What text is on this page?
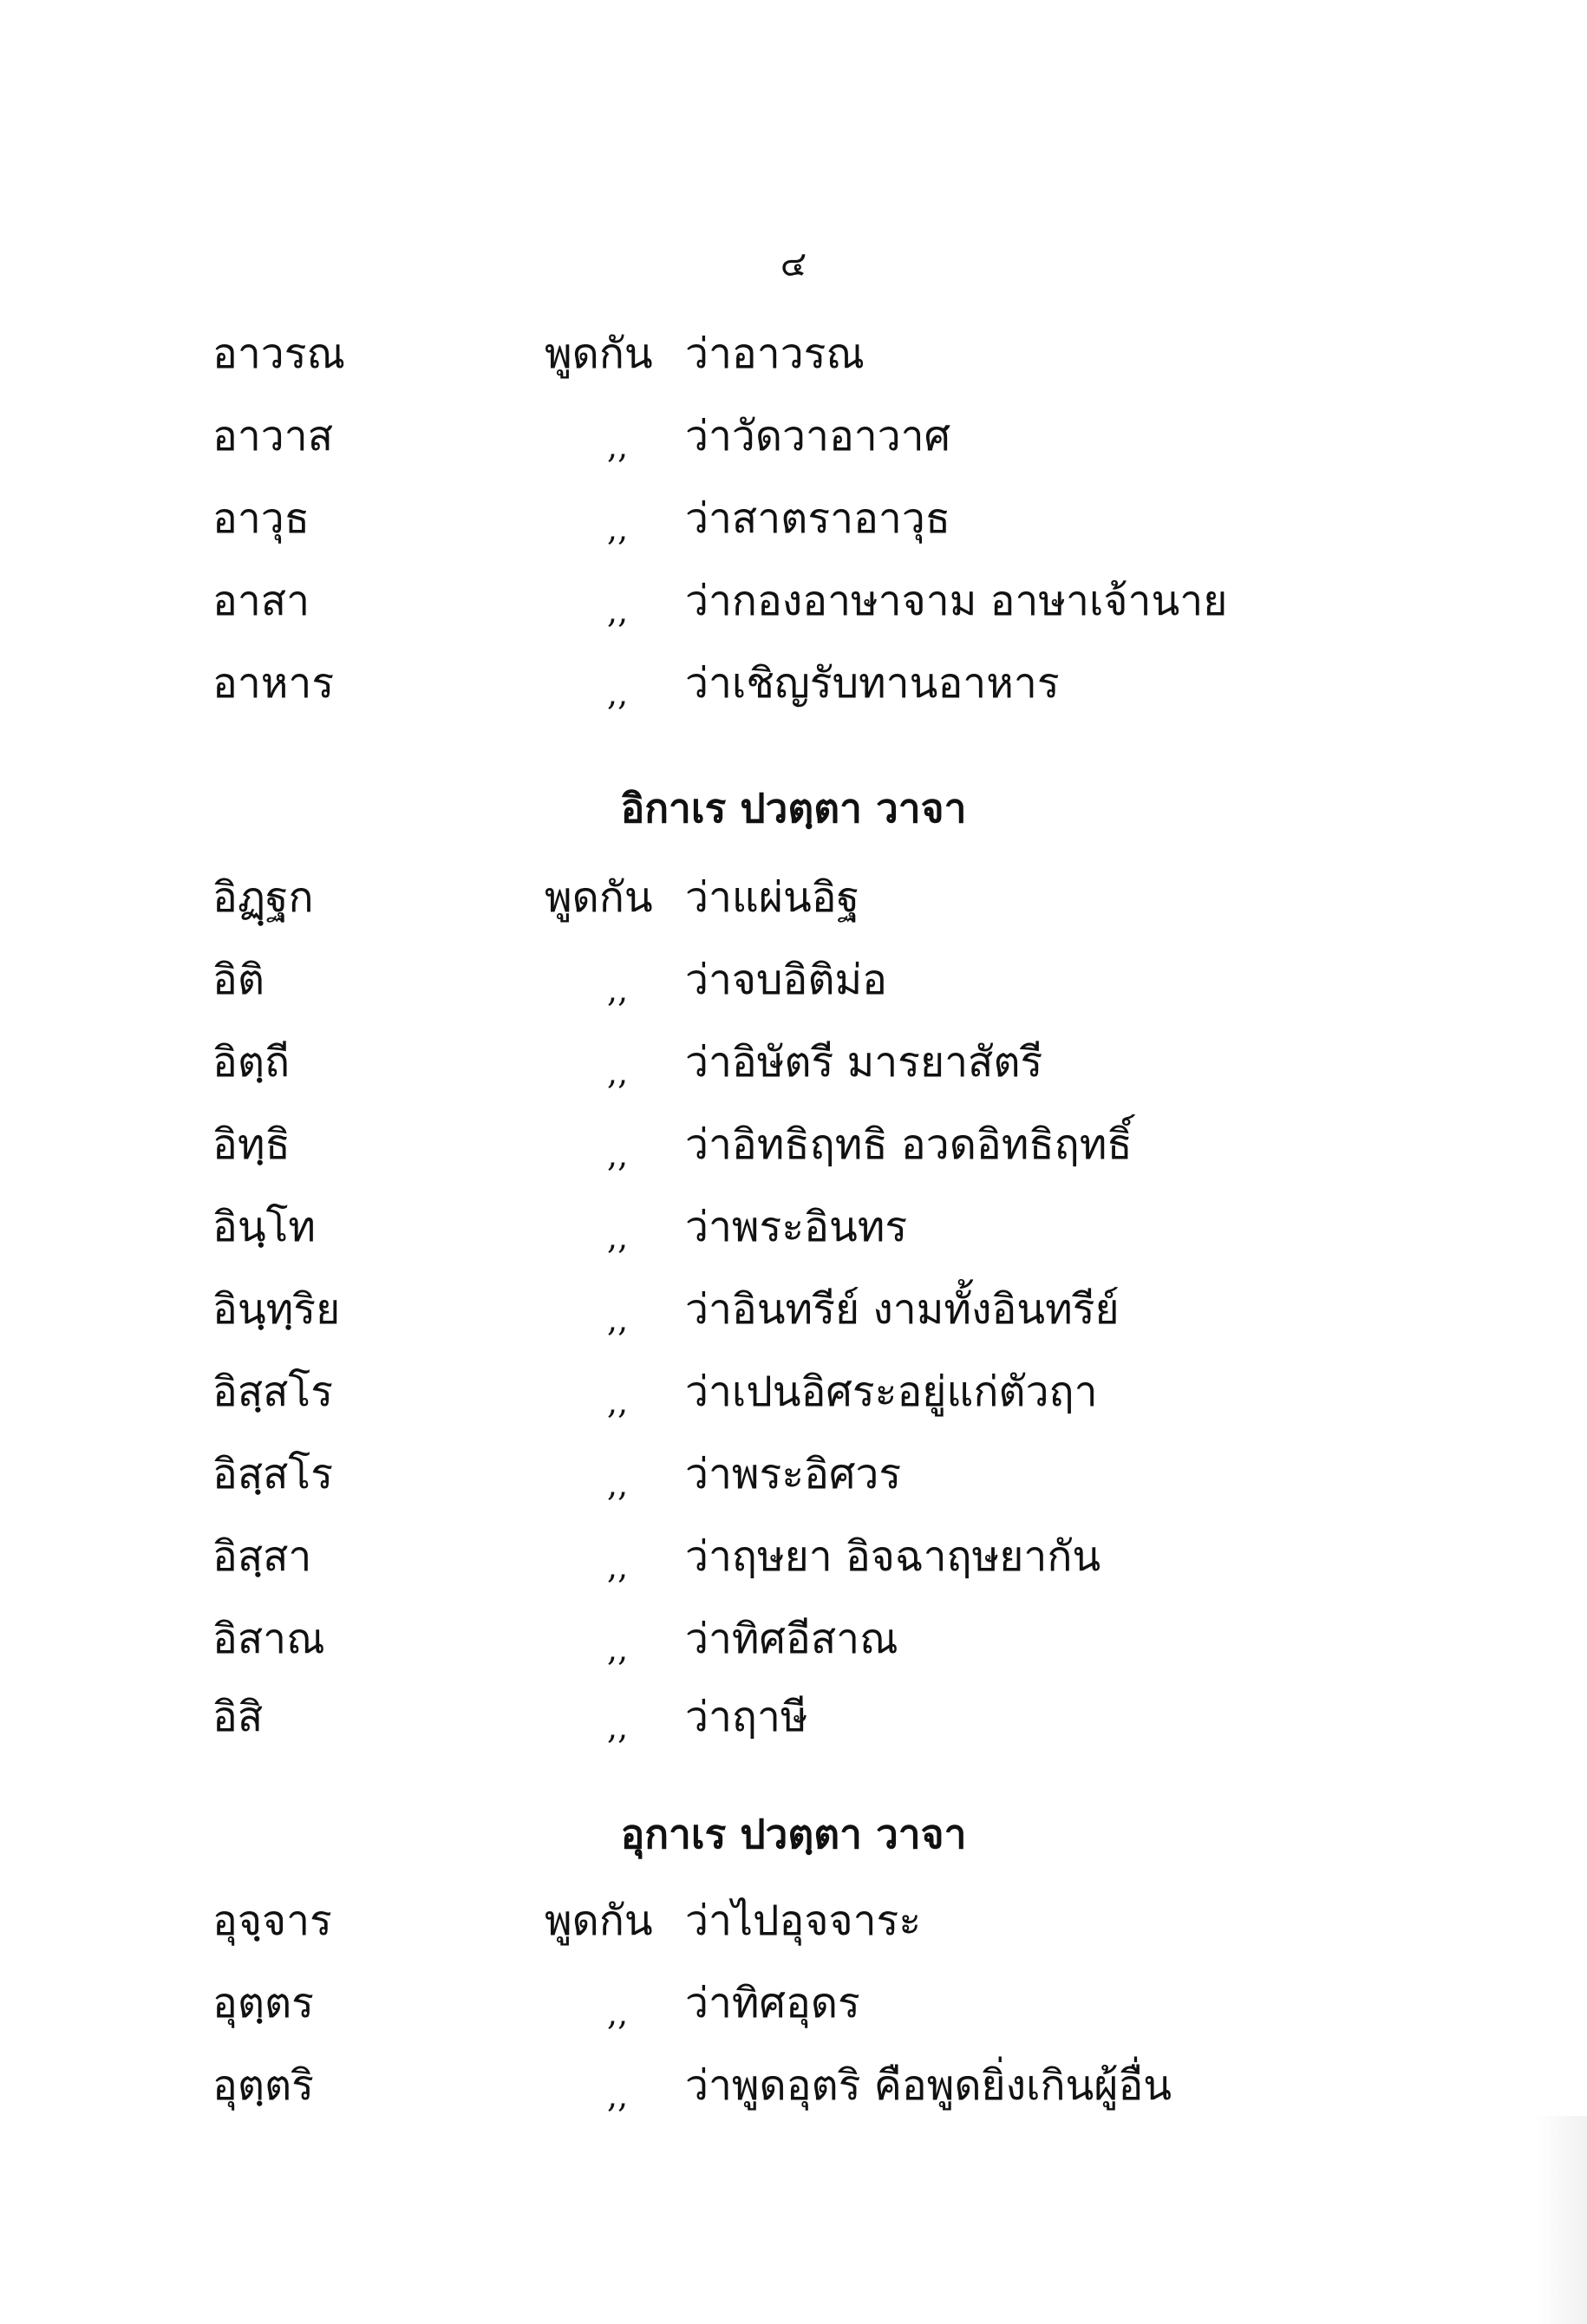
๔
อาวรณ	พูดกัน ว่าอาวรณ
อาวาส	,, ว่าวัดวาอาวาศ
อาวุธ	,, ว่าสาตราอาวุธ
อาสา	,, ว่ากองอาษาจาม อาษาเจ้านาย
อาหาร	,, ว่าเชิญรับทานอาหาร
อิกาเร ปวตฺตา วาจา
อิฏฺฐก	พูดกัน ว่าแผ่นอิฐ
อิติ	,, ว่าจบอิติม่อ
อิตฺถี	,, ว่าอิษัตรี มารยาสัตรี
อิทฺธิ	,, ว่าอิทธิฤทธิ อวดอิทธิฤทธิ์
อินฺโท	,, ว่าพระอินทร
อินฺทฺริย	,, ว่าอินทรีย์ งามทั้งอินทรีย์
อิสฺสโร	,, ว่าเปนอิศระอยู่แก่ตัวฤา
อิสฺสโร	,, ว่าพระอิศวร
อิสฺสา	,, ว่าฤษยา อิจฉาฤษยากัน
อิสาณ	,, ว่าทิศอีสาณ
อิสิ	,, ว่าฤาษี
อุกาเร ปวตฺตา วาจา
อุจฺจาร	พูดกัน ว่าไปอุจจาระ
อุตฺตร	,, ว่าทิศอุดร
อุตฺตริ	,, ว่าพูดอุตริ คือพูดยิ่งเกินผู้อื่น
